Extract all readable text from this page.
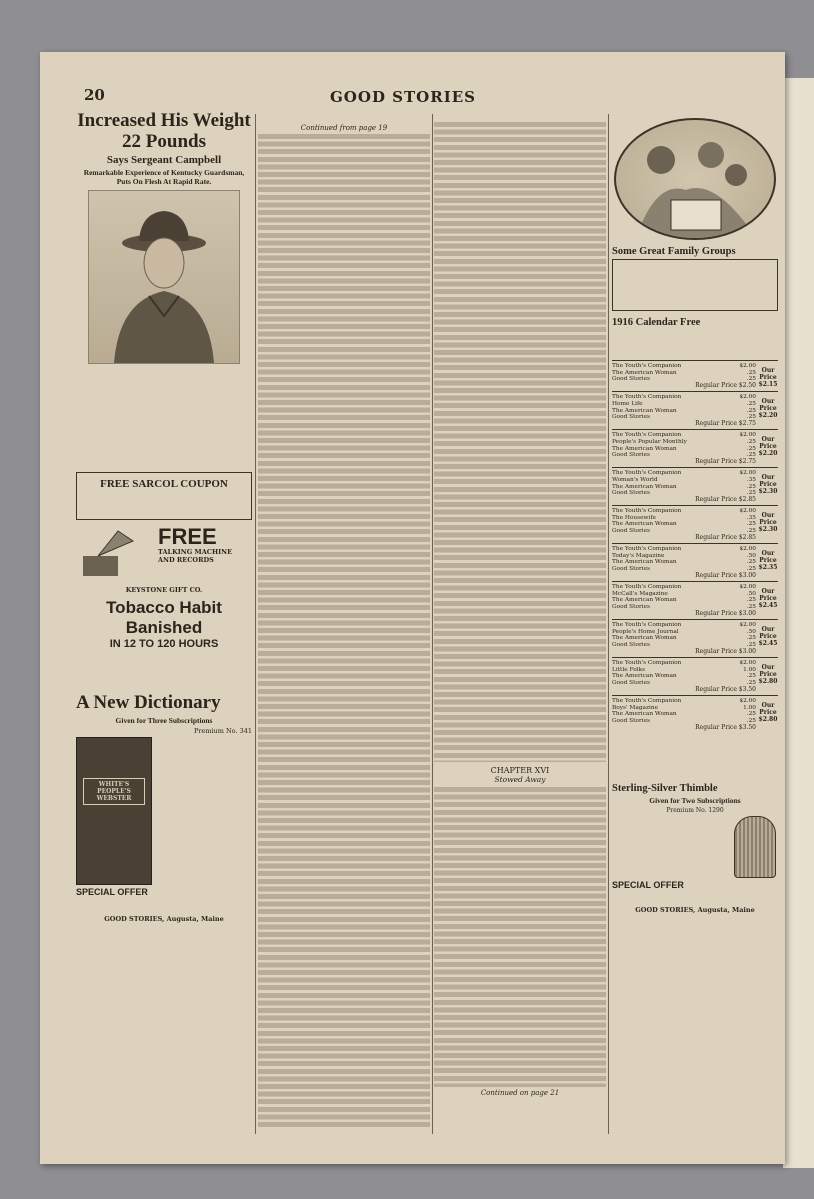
20	GOOD STORIES

Increased His Weight 22 Pounds

Says Sergeant Campbell

Remarkable Experience of Kentucky Guardsman, Puts On Flesh At Rapid Rate.

FREE SARCOL COUPON
FREE
TALKING MACHINE AND RECORDS
KEYSTONE GIFT CO.
Tobacco Habit Banished
IN 12 TO 120 HOURS
A New Dictionary
Given for Three Subscriptions
Premium No. 341
WHITE'S PEOPLE'S WEBSTER
SPECIAL OFFER
GOOD STORIES, Augusta, Maine
Continued from page 19
CHAPTER XVI
Stowed Away
Continued on page 21
Some Great Family Groups
1916 Calendar Free
The Youth's Companion
The American Woman
Good Stories
$2.00
.25
.25
Our Price $2.15
Regular Price $2.50
The Youth's Companion
Home Life
The American Woman
Good Stories
$2.00
.25
.25
.25
Our Price $2.20
Regular Price $2.75
The Youth's Companion
People's Popular Monthly
The American Woman
Good Stories
$2.00
.25
.25
.25
Our Price $2.20
Regular Price $2.75
The Youth's Companion
Woman's World
The American Woman
Good Stories
$2.00
.35
.25
.25
Our Price $2.30
Regular Price $2.85
The Youth's Companion
The Housewife
The American Woman
Good Stories
$2.00
.35
.25
.25
Our Price $2.30
Regular Price $2.85
The Youth's Companion
Today's Magazine
The American Woman
Good Stories
$2.00
.50
.25
.25
Our Price $2.35
Regular Price $3.00
The Youth's Companion
McCall's Magazine
The American Woman
Good Stories
$2.00
.50
.25
.25
Our Price $2.45
Regular Price $3.00
The Youth's Companion
People's Home Journal
The American Woman
Good Stories
$2.00
.50
.25
.25
Our Price $2.45
Regular Price $3.00
The Youth's Companion
Little Folks
The American Woman
Good Stories
$2.00
1.00
.25
.25
Our Price $2.80
Regular Price $3.50
The Youth's Companion
Boys' Magazine
The American Woman
Good Stories
$2.00
1.00
.25
.25
Our Price $2.80
Regular Price $3.50
Sterling-Silver Thimble
Given for Two Subscriptions
Premium No. 1290
SPECIAL OFFER
GOOD STORIES, Augusta, Maine
